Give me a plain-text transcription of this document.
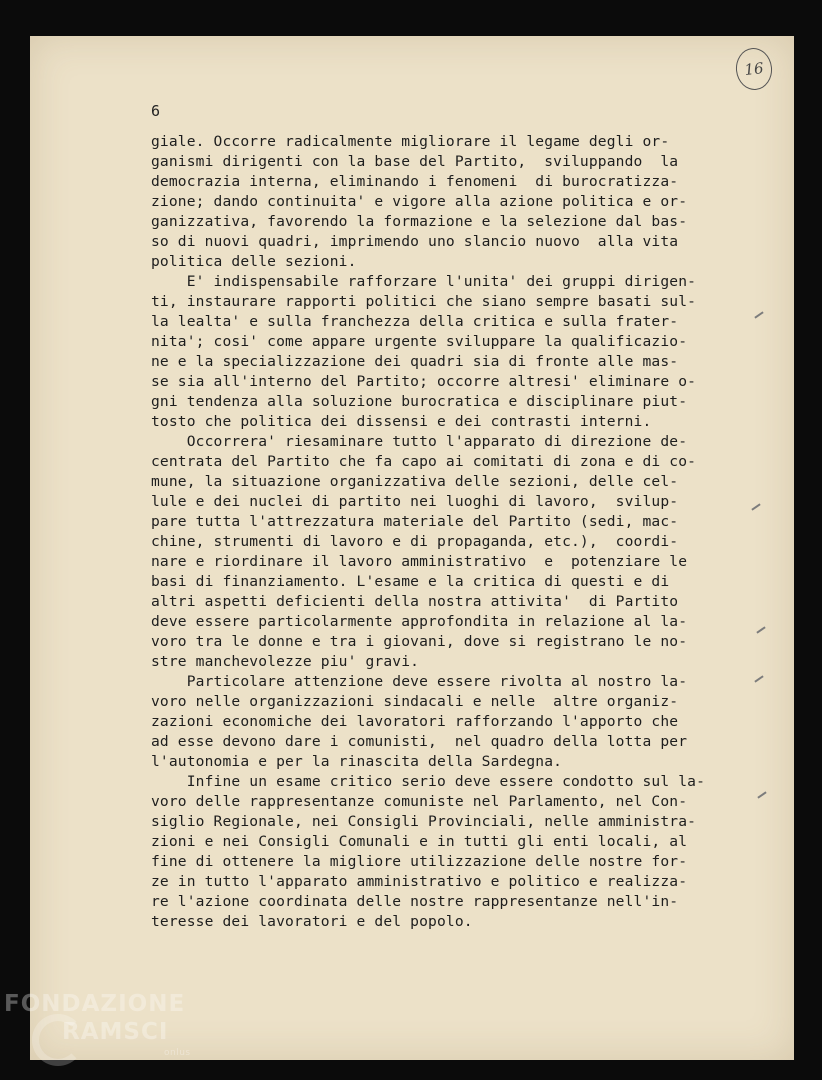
16
6
giale. Occorre radicalmente migliorare il legame degli or-
ganismi dirigenti con la base del Partito,  sviluppando  la
democrazia interna, eliminando i fenomeni  di burocratizza-
zione; dando continuita' e vigore alla azione politica e or-
ganizzativa, favorendo la formazione e la selezione dal bas-
so di nuovi quadri, imprimendo uno slancio nuovo  alla vita
politica delle sezioni.
E' indispensabile rafforzare l'unita' dei gruppi dirigen-
ti, instaurare rapporti politici che siano sempre basati sul-
la lealta' e sulla franchezza della critica e sulla frater-
nita'; cosi' come appare urgente sviluppare la qualificazio-
ne e la specializzazione dei quadri sia di fronte alle mas-
se sia all'interno del Partito; occorre altresi' eliminare o-
gni tendenza alla soluzione burocratica e disciplinare piut-
tosto che politica dei dissensi e dei contrasti interni.
Occorrera' riesaminare tutto l'apparato di direzione de-
centrata del Partito che fa capo ai comitati di zona e di co-
mune, la situazione organizzativa delle sezioni, delle cel-
lule e dei nuclei di partito nei luoghi di lavoro,  svilup-
pare tutta l'attrezzatura materiale del Partito (sedi, mac-
chine, strumenti di lavoro e di propaganda, etc.),  coordi-
nare e riordinare il lavoro amministrativo  e  potenziare le
basi di finanziamento. L'esame e la critica di questi e di
altri aspetti deficienti della nostra attivita'  di Partito
deve essere particolarmente approfondita in relazione al la-
voro tra le donne e tra i giovani, dove si registrano le no-
stre manchevolezze piu' gravi.
Particolare attenzione deve essere rivolta al nostro la-
voro nelle organizzazioni sindacali e nelle  altre organiz-
zazioni economiche dei lavoratori rafforzando l'apporto che
ad esse devono dare i comunisti,  nel quadro della lotta per
l'autonomia e per la rinascita della Sardegna.
Infine un esame critico serio deve essere condotto sul la-
voro delle rappresentanze comuniste nel Parlamento, nel Con-
siglio Regionale, nei Consigli Provinciali, nelle amministra-
zioni e nei Consigli Comunali e in tutti gli enti locali, al
fine di ottenere la migliore utilizzazione delle nostre for-
ze in tutto l'apparato amministrativo e politico e realizza-
re l'azione coordinata delle nostre rappresentanze nell'in-
teresse dei lavoratori e del popolo.
FONDAZIONE
RAMSCI
onlus
